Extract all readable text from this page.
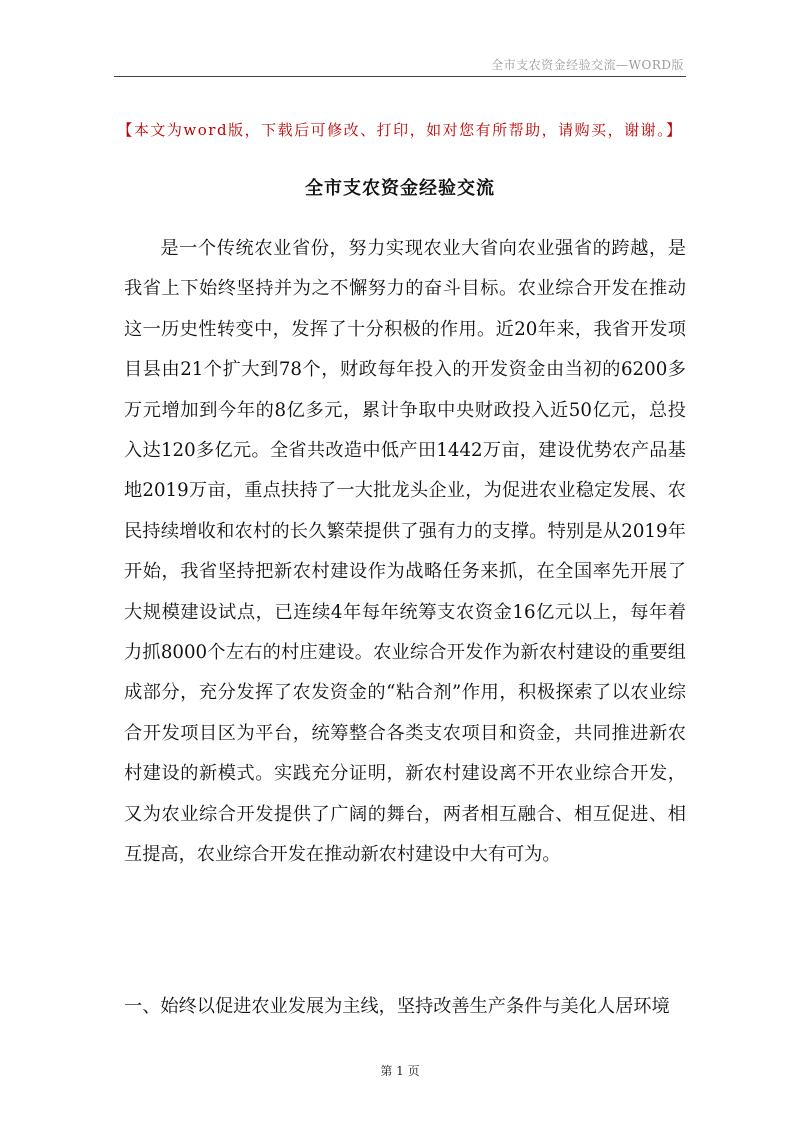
全市支农资金经验交流—WORD版
【本文为word版，下载后可修改、打印，如对您有所帮助，请购买，谢谢。】
全市支农资金经验交流

是一个传统农业省份，努力实现农业大省向农业强省的跨越，是我省上下始终坚持并为之不懈努力的奋斗目标。农业综合开发在推动这一历史性转变中，发挥了十分积极的作用。近20年来，我省开发项目县由21个扩大到78个，财政每年投入的开发资金由当初的6200多万元增加到今年的8亿多元，累计争取中央财政投入近50亿元，总投入达120多亿元。全省共改造中低产田1442万亩，建设优势农产品基地2019万亩，重点扶持了一大批龙头企业，为促进农业稳定发展、农民持续增收和农村的长久繁荣提供了强有力的支撑。特别是从2019年开始，我省坚持把新农村建设作为战略任务来抓，在全国率先开展了大规模建设试点，已连续4年每年统筹支农资金16亿元以上，每年着力抓8000个左右的村庄建设。农业综合开发作为新农村建设的重要组成部分，充分发挥了农发资金的“粘合剂”作用，积极探索了以农业综合开发项目区为平台，统筹整合各类支农项目和资金，共同推进新农村建设的新模式。实践充分证明，新农村建设离不开农业综合开发，又为农业综合开发提供了广阔的舞台，两者相互融合、相互促进、相互提高，农业综合开发在推动新农村建设中大有可为。

一、始终以促进农业发展为主线，坚持改善生产条件与美化人居环境

第 1 页
